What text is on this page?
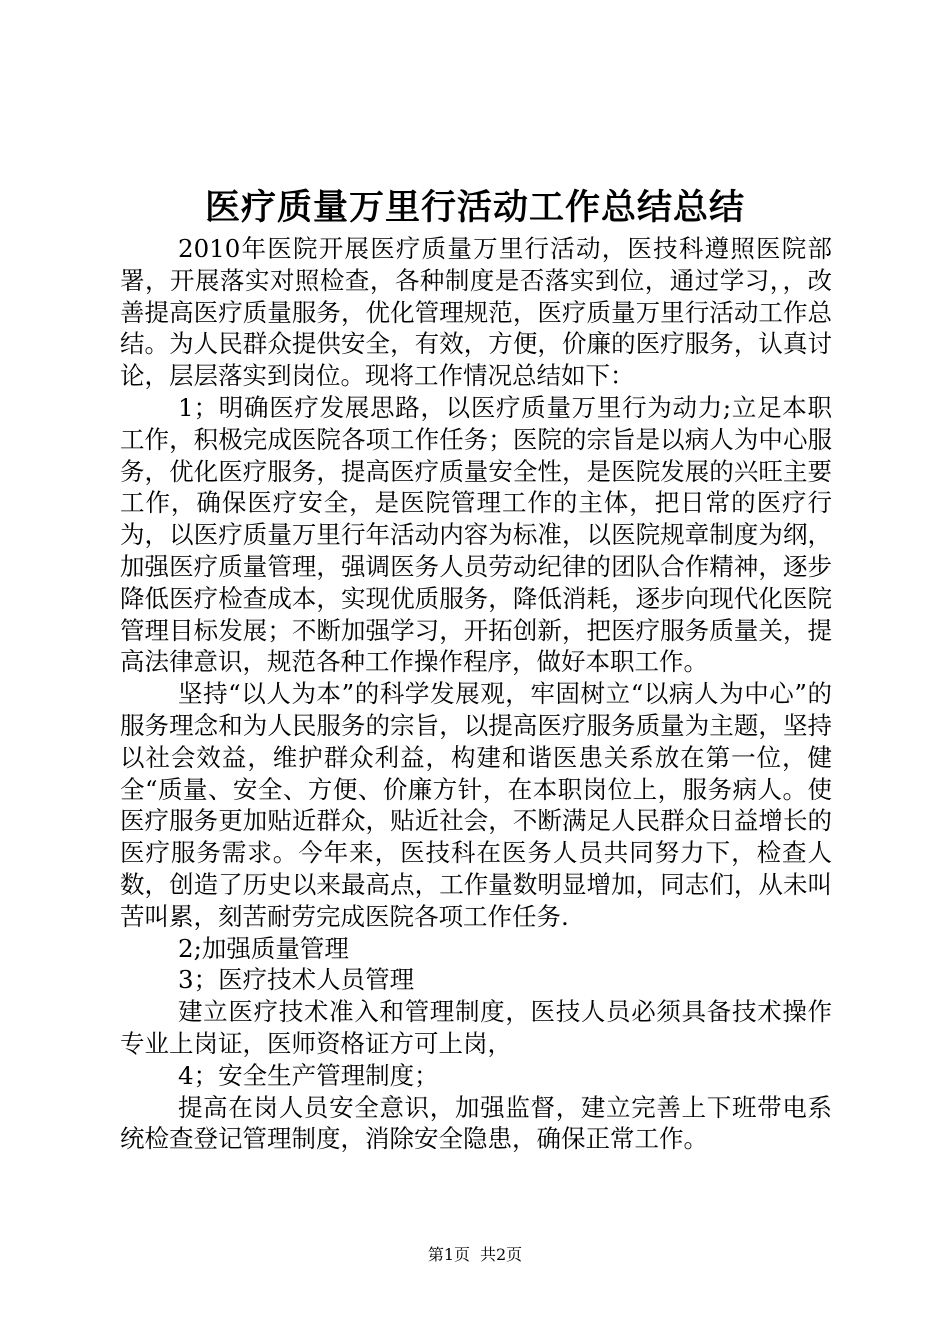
医疗质量万里行活动工作总结总结

2010年医院开展医疗质量万里行活动，医技科遵照医院部署，开展落实对照检查，各种制度是否落实到位，通过学习，，改善提高医疗质量服务，优化管理规范，医疗质量万里行活动工作总结。为人民群众提供安全，有效，方便，价廉的医疗服务，认真讨论，层层落实到岗位。现将工作情况总结如下：

1；明确医疗发展思路，以医疗质量万里行为动力;立足本职工作，积极完成医院各项工作任务；医院的宗旨是以病人为中心服务，优化医疗服务，提高医疗质量安全性，是医院发展的兴旺主要工作，确保医疗安全，是医院管理工作的主体，把日常的医疗行为，以医疗质量万里行年活动内容为标准，以医院规章制度为纲，加强医疗质量管理，强调医务人员劳动纪律的团队合作精神，逐步降低医疗检查成本，实现优质服务，降低消耗，逐步向现代化医院管理目标发展；不断加强学习，开拓创新，把医疗服务质量关，提高法律意识，规范各种工作操作程序，做好本职工作。

坚持“以人为本”的科学发展观，牢固树立“以病人为中心”的服务理念和为人民服务的宗旨，以提高医疗服务质量为主题，坚持以社会效益，维护群众利益，构建和谐医患关系放在第一位，健全“质量、安全、方便、价廉方针，在本职岗位上，服务病人。使医疗服务更加贴近群众，贴近社会，不断满足人民群众日益增长的医疗服务需求。今年来，医技科在医务人员共同努力下，检查人数，创造了历史以来最高点，工作量数明显增加，同志们，从未叫苦叫累，刻苦耐劳完成医院各项工作任务.

2;加强质量管理

3；医疗技术人员管理

建立医疗技术准入和管理制度，医技人员必须具备技术操作专业上岗证，医师资格证方可上岗，

4；安全生产管理制度；

提高在岗人员安全意识，加强监督，建立完善上下班带电系统检查登记管理制度，消除安全隐患，确保正常工作。

第1页 共2页
